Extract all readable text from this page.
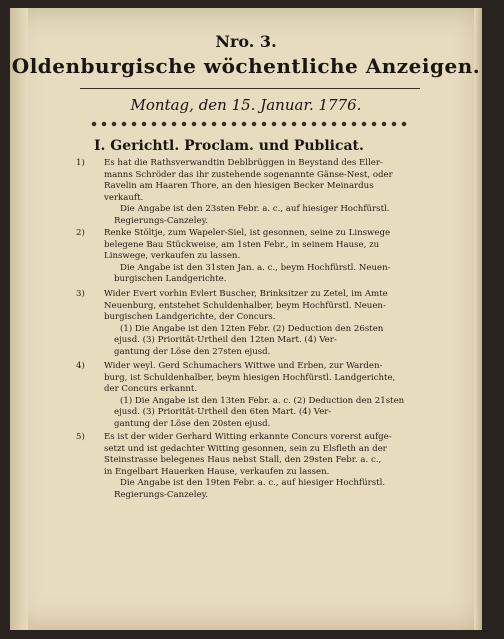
Nro. 3.
Oldenburgische wöchentliche Anzeigen.
Montag, den 15. Januar. 1776.
I. Gerichtl. Proclam. und Publicat.
1) Es hat die Rathsverwandtin Deblbrüggen in Beystand des Eller-
manns Schröder das ihr zustehende sogenannte Gänse-Nest, oder
Ravelin am Haaren Thore, an den hiesigen Becker Meinardus
verkauft.
Die Angabe ist den 23sten Febr. a. c., auf hiesiger Hochfürstl.
Regierungs-Canzeley.
2) Renke Stöltje, zum Wapeler-Siel, ist gesonnen, seine zu Linswege
belegene Bau Stückweise, am 1sten Febr., in seinem Hause, zu
Linswege, verkaufen zu lassen.
Die Angabe ist den 31sten Jan. a. c., beym Hochfürstl. Neuen-
burgischen Landgerichte.
3) Wider Evert vorhin Evlert Buscher, Brinksitzer zu Zetel, im Amte
Neuenburg, entstehet Schuldenhalber, beym Hochfürstl. Neuen-
burgischen Landgerichte, der Concurs.
(1) Die Angabe ist den 12ten Febr. (2) Deduction den 26sten
ejusd. (3) Priorität-Urtheil den 12ten Mart. (4) Ver-
gantung der Löse den 27sten ejusd.
4) Wider weyl. Gerd Schumachers Wittwe und Erben, zur Warden-
burg, ist Schuldenhalber, beym hiesigen Hochfürstl. Landgerichte,
der Concurs erkannt.
(1) Die Angabe ist den 13ten Febr. a. c. (2) Deduction den 21sten
ejusd. (3) Priorität-Urtheil den 6ten Mart. (4) Ver-
gantung der Löse den 20sten ejusd.
5) Es ist der wider Gerhard Witting erkannte Concurs vorerst aufge-
setzt und ist gedachter Witting gesonnen, sein zu Elsfleth an der
Steinstrasse belegenes Haus nebst Stall, den 29sten Febr. a. c.,
in Engelbart Hauerken Hause, verkaufen zu lassen.
Die Angabe ist den 19ten Febr. a. c., auf hiesiger Hochfürstl.
Regierungs-Canzeley.
